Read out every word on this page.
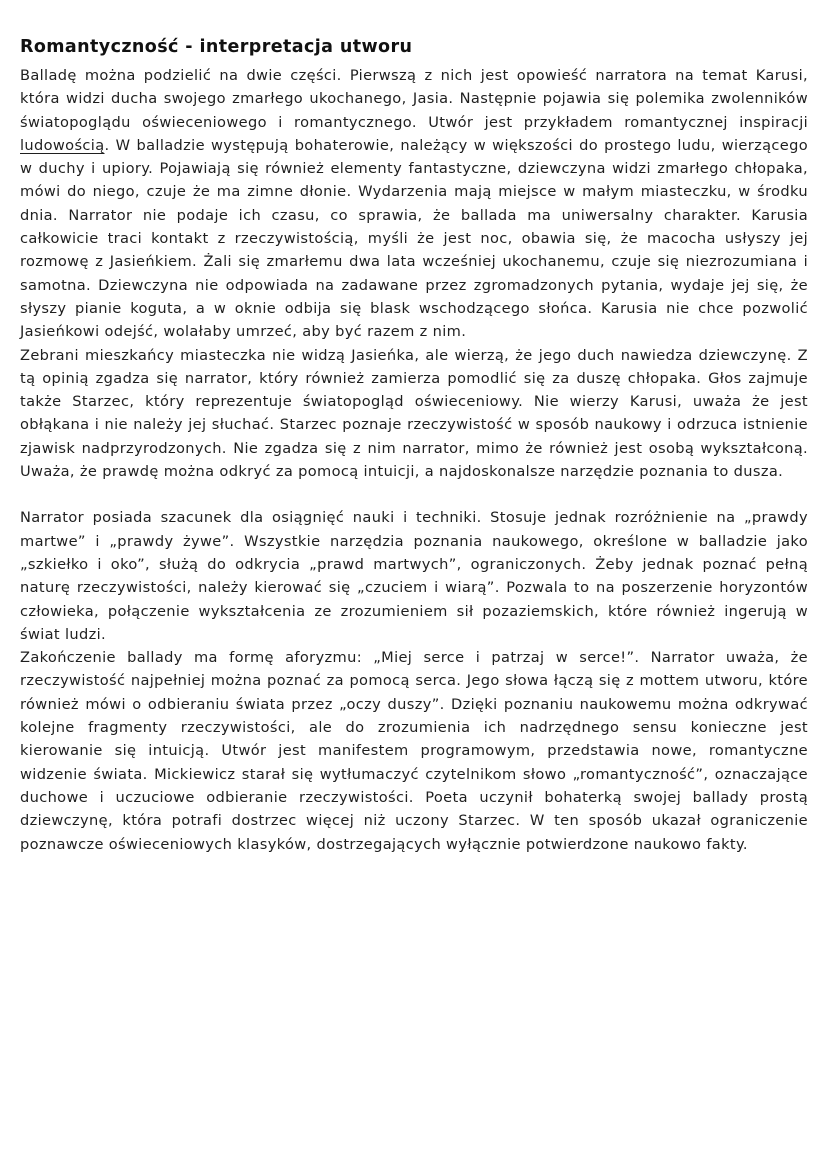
Romantyczność - interpretacja utworu

Balladę można podzielić na dwie części. Pierwszą z nich jest opowieść narratora na temat Karusi, która widzi ducha swojego zmarłego ukochanego, Jasia. Następnie pojawia się polemika zwolenników światopoglądu oświeceniowego i romantycznego. Utwór jest przykładem romantycznej inspiracji ludowością. W balladzie występują bohaterowie, należący w większości do prostego ludu, wierzącego w duchy i upiory. Pojawiają się również elementy fantastyczne, dziewczyna widzi zmarłego chłopaka, mówi do niego, czuje że ma zimne dłonie. Wydarzenia mają miejsce w małym miasteczku, w środku dnia. Narrator nie podaje ich czasu, co sprawia, że ballada ma uniwersalny charakter. Karusia całkowicie traci kontakt z rzeczywistością, myśli że jest noc, obawia się, że macocha usłyszy jej rozmowę z Jasieńkiem. Żali się zmarłemu dwa lata wcześniej ukochanemu, czuje się niezrozumiana i samotna. Dziewczyna nie odpowiada na zadawane przez zgromadzonych pytania, wydaje jej się, że słyszy pianie koguta, a w oknie odbija się blask wschodzącego słońca. Karusia nie chce pozwolić Jasieńkowi odejść, wolałaby umrzeć, aby być razem z nim.

Zebrani mieszkańcy miasteczka nie widzą Jasieńka, ale wierzą, że jego duch nawiedza dziewczynę. Z tą opinią zgadza się narrator, który również zamierza pomodlić się za duszę chłopaka. Głos zajmuje także Starzec, który reprezentuje światopogląd oświeceniowy. Nie wierzy Karusi, uważa że jest obłąkana i nie należy jej słuchać. Starzec poznaje rzeczywistość w sposób naukowy i odrzuca istnienie zjawisk nadprzyrodzonych. Nie zgadza się z nim narrator, mimo że również jest osobą wykształconą. Uważa, że prawdę można odkryć za pomocą intuicji, a najdoskonalsze narzędzie poznania to dusza.

Narrator posiada szacunek dla osiągnięć nauki i techniki. Stosuje jednak rozróżnienie na „prawdy martwe” i „prawdy żywe”. Wszystkie narzędzia poznania naukowego, określone w balladzie jako „szkiełko i oko”, służą do odkrycia „prawd martwych”, ograniczonych. Żeby jednak poznać pełną naturę rzeczywistości, należy kierować się „czuciem i wiarą”. Pozwala to na poszerzenie horyzontów człowieka, połączenie wykształcenia ze zrozumieniem sił pozaziemskich, które również ingerują w świat ludzi.

Zakończenie ballady ma formę aforyzmu: „Miej serce i patrzaj w serce!”. Narrator uważa, że rzeczywistość najpełniej można poznać za pomocą serca. Jego słowa łączą się z mottem utworu, które również mówi o odbieraniu świata przez „oczy duszy”. Dzięki poznaniu naukowemu można odkrywać kolejne fragmenty rzeczywistości, ale do zrozumienia ich nadrzędnego sensu konieczne jest kierowanie się intuicją. Utwór jest manifestem programowym, przedstawia nowe, romantyczne widzenie świata. Mickiewicz starał się wytłumaczyć czytelnikom słowo „romantyczność”, oznaczające duchowe i uczuciowe odbieranie rzeczywistości. Poeta uczynił bohaterką swojej ballady prostą dziewczynę, która potrafi dostrzec więcej niż uczony Starzec. W ten sposób ukazał ograniczenie poznawcze oświeceniowych klasyków, dostrzegających wyłącznie potwierdzone naukowo fakty.
